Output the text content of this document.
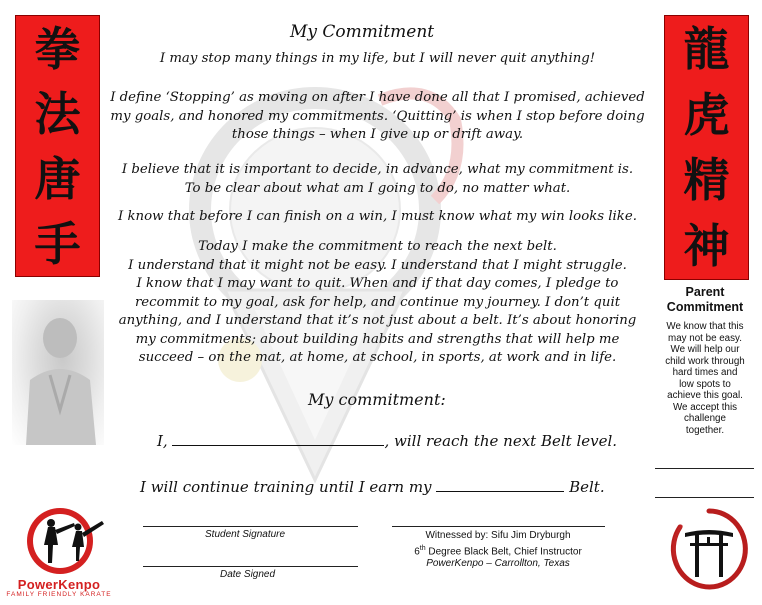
拳
法
唐
手
龍
虎
精
神
My Commitment
I may stop many things in my life, but I will never quit anything!
I define ‘Stopping’ as moving on after I have done all that I promised, achieved
my goals, and honored my commitments. ‘Quitting’ is when I stop before doing
those things – when I give up or drift away.
I believe that it is important to decide, in advance, what my commitment is.
To be clear about what am I going to do, no matter what.
I know that before I can finish on a win, I must know what my win looks like.
Today I make the commitment to reach the next belt.
I understand that it might not be easy. I understand that I might struggle.
I know that I may want to quit. When and if that day comes, I pledge to
recommit to my goal, ask for help, and continue my journey. I don’t quit
anything, and I understand that it’s not just about a belt. It’s about honoring
my commitments; about building habits and strengths that will help me
succeed – on the mat, at home, at school, in sports, at work and in life.
My commitment:
I,	, will reach the next Belt level.
I will continue training until I earn my	Belt.
Student Signature
Date Signed
Witnessed by: Sifu Jim Dryburgh
6th Degree Black Belt, Chief Instructor
PowerKenpo – Carrollton, Texas
Parent
Commitment
We know that this
may not be easy.
We will help our
child work through
hard times and
low spots to
achieve this goal.
We accept this
challenge
together.
PowerKenpo
FAMILY FRIENDLY KARATE
